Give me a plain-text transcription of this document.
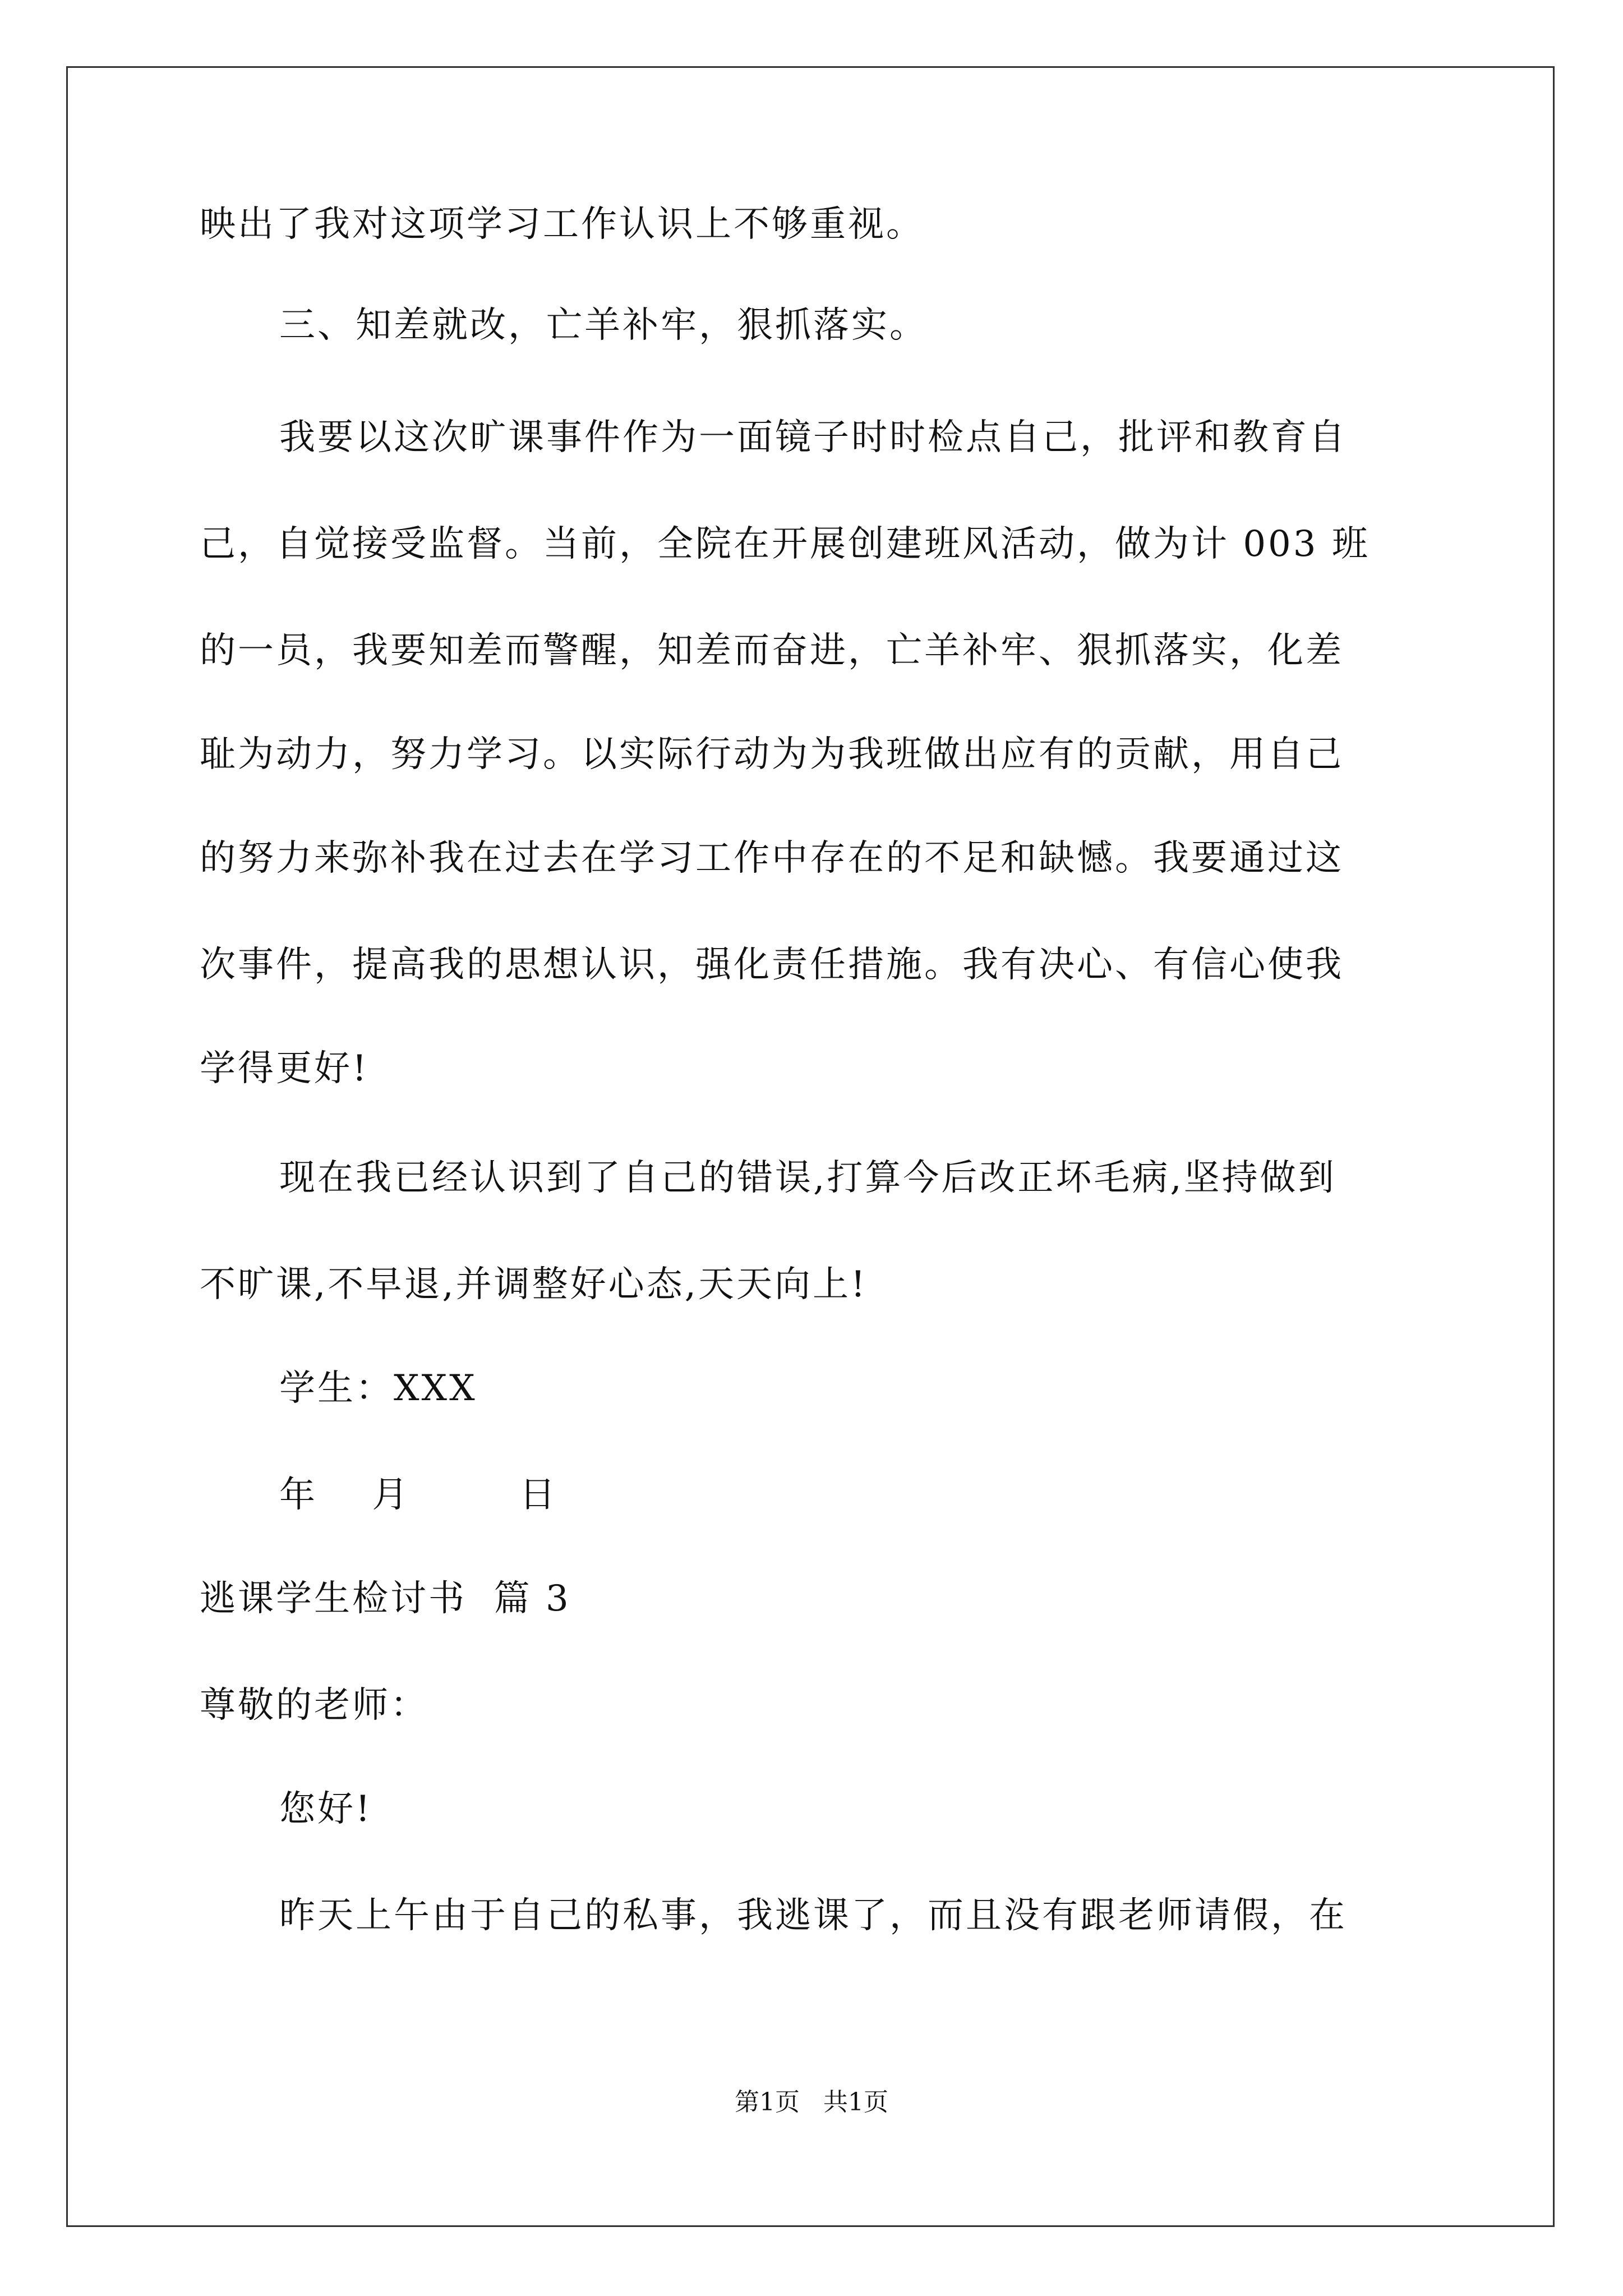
映出了我对这项学习工作认识上不够重视。
三、知差就改，亡羊补牢，狠抓落实。
我要以这次旷课事件作为一面镜子时时检点自己，批评和教育自
己，自觉接受监督。当前，全院在开展创建班风活动，做为计 003 班
的一员，我要知差而警醒，知差而奋进，亡羊补牢、狠抓落实，化差
耻为动力，努力学习。以实际行动为为我班做出应有的贡献，用自己
的努力来弥补我在过去在学习工作中存在的不足和缺憾。我要通过这
次事件，提高我的思想认识，强化责任措施。我有决心、有信心使我
学得更好!
现在我已经认识到了自己的错误,打算今后改正坏毛病,坚持做到
不旷课,不早退,并调整好心态,天天向上!
学生：XXX
年    月        日
逃课学生检讨书  篇 3
尊敬的老师：
您好!
昨天上午由于自己的私事，我逃课了，而且没有跟老师请假，在
第1页   共1页
